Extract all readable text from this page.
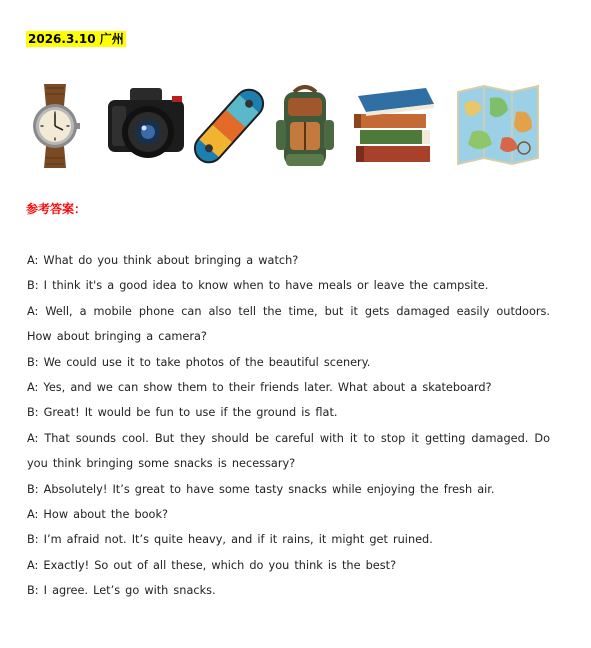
2026.3.10 广州
参考答案：

A: What do you think about bringing a watch?

B: I think it's a good idea to know when to have meals or leave the campsite.

A: Well, a mobile phone can also tell the time, but it gets damaged easily outdoors. How about bringing a camera?

B: We could use it to take photos of the beautiful scenery.

A: Yes, and we can show them to their friends later. What about a skateboard?

B: Great! It would be fun to use if the ground is flat.

A: That sounds cool. But they should be careful with it to stop it getting damaged. Do you think bringing some snacks is necessary?

B: Absolutely! It’s great to have some tasty snacks while enjoying the fresh air.

A: How about the book?

B: I’m afraid not. It’s quite heavy, and if it rains, it might get ruined.

A: Exactly! So out of all these, which do you think is the best?

B: I agree. Let’s go with snacks.
